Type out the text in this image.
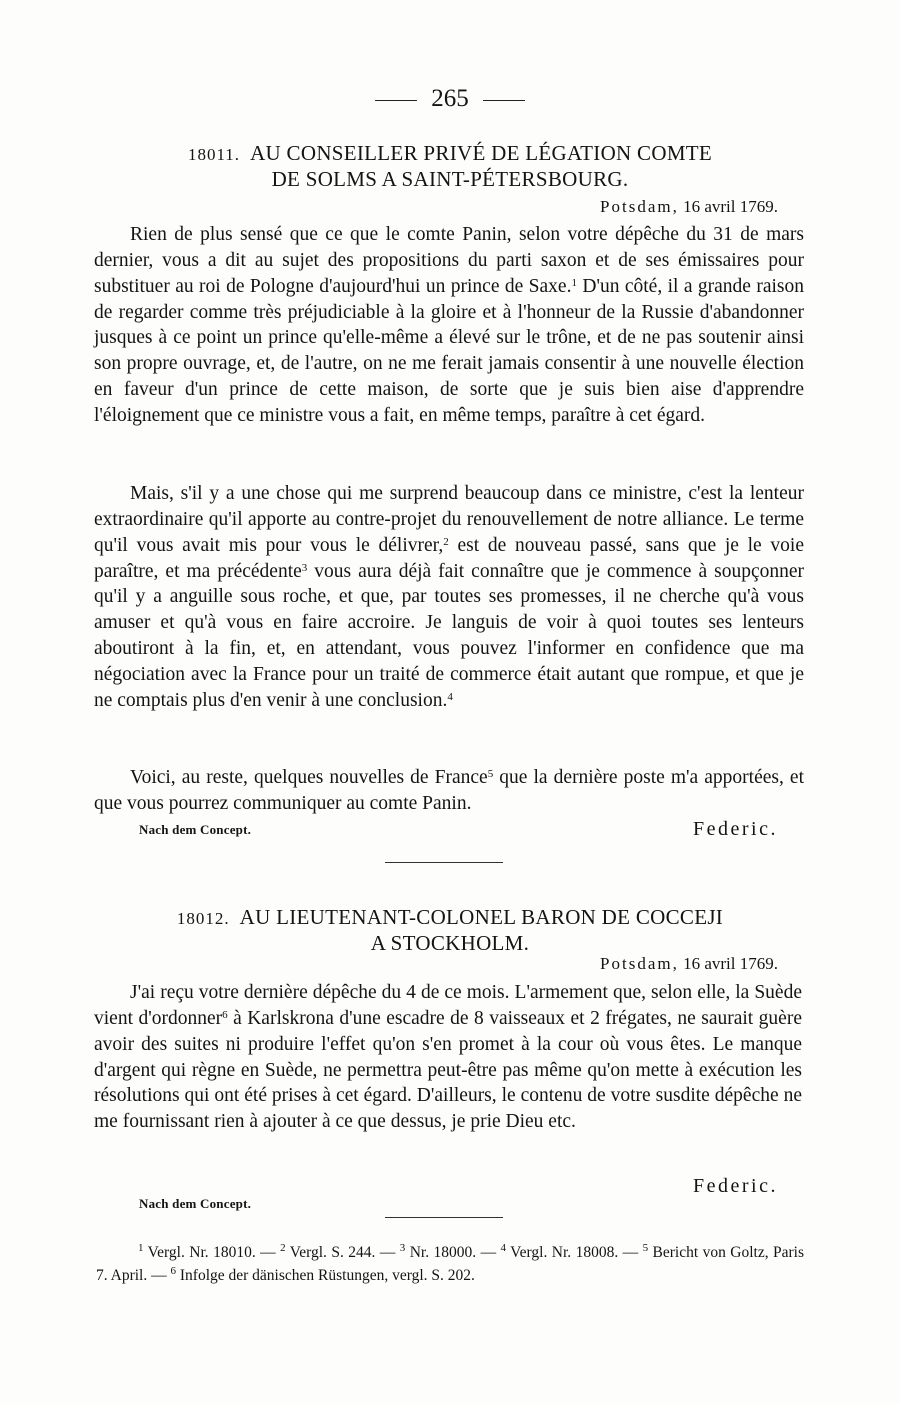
265
18011. AU CONSEILLER PRIVÉ DE LÉGATION COMTE
DE SOLMS A SAINT-PÉTERSBOURG.
Potsdam, 16 avril 1769.

Rien de plus sensé que ce que le comte Panin, selon votre dépêche du 31 de mars dernier, vous a dit au sujet des propositions du parti saxon et de ses émissaires pour substituer au roi de Pologne d'aujourd'hui un prince de Saxe.$^1$ D'un côté, il a grande raison de regarder comme très préjudiciable à la gloire et à l'honneur de la Russie d'abandonner jusques à ce point un prince qu'elle-même a élevé sur le trône, et de ne pas soutenir ainsi son propre ouvrage, et, de l'autre, on ne me ferait jamais consentir à une nouvelle élection en faveur d'un prince de cette maison, de sorte que je suis bien aise d'apprendre l'éloignement que ce ministre vous a fait, en même temps, paraître à cet égard.

Mais, s'il y a une chose qui me surprend beaucoup dans ce ministre, c'est la lenteur extraordinaire qu'il apporte au contre-projet du renouvellement de notre alliance. Le terme qu'il vous avait mis pour vous le délivrer,$^2$ est de nouveau passé, sans que je le voie paraître, et ma précédente$^3$ vous aura déjà fait connaître que je commence à soupçonner qu'il y a anguille sous roche, et que, par toutes ses promesses, il ne cherche qu'à vous amuser et qu'à vous en faire accroire. Je languis de voir à quoi toutes ses lenteurs aboutiront à la fin, et, en attendant, vous pouvez l'informer en confidence que ma négociation avec la France pour un traité de commerce était autant que rompue, et que je ne comptais plus d'en venir à une conclusion.$^4$

Voici, au reste, quelques nouvelles de France$^5$ que la dernière poste m'a apportées, et que vous pourrez communiquer au comte Panin.

Nach dem Concept.	Federic.
18012. AU LIEUTENANT-COLONEL BARON DE COCCEJI
A STOCKHOLM.
Potsdam, 16 avril 1769.

J'ai reçu votre dernière dépêche du 4 de ce mois. L'armement que, selon elle, la Suède vient d'ordonner$^6$ à Karlskrona d'une escadre de 8 vaisseaux et 2 frégates, ne saurait guère avoir des suites ni produire l'effet qu'on s'en promet à la cour où vous êtes. Le manque d'argent qui règne en Suède, ne permettra peut-être pas même qu'on mette à exécution les résolutions qui ont été prises à cet égard. D'ailleurs, le contenu de votre susdite dépêche ne me fournissant rien à ajouter à ce que dessus, je prie Dieu etc.

Nach dem Concept.
Federic.

$^1$ Vergl. Nr. 18010. — $^2$ Vergl. S. 244. — $^3$ Nr. 18000. — $^4$ Vergl. Nr. 18008. — $^5$ Bericht von Goltz, Paris 7. April. — $^6$ Infolge der dänischen Rüstungen, vergl. S. 202.
